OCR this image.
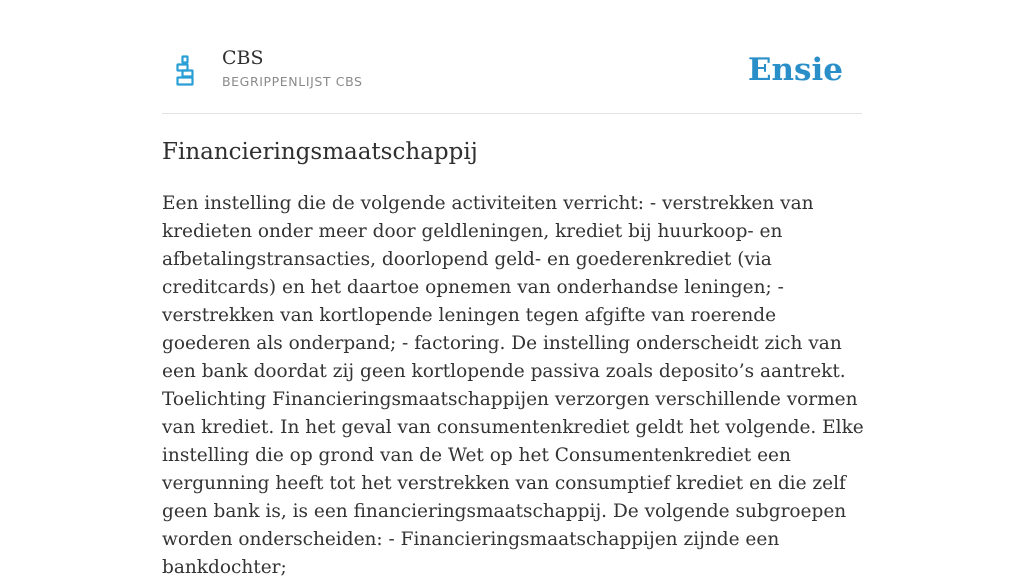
CBS
BEGRIPPENLIJST CBS	Ensie
Financieringsmaatschappij

Een instelling die de volgende activiteiten verricht: - verstrekken van kredieten onder meer door geldleningen, krediet bij huurkoop- en afbetalingstransacties, doorlopend geld- en goederenkrediet (via creditcards) en het daartoe opnemen van onderhandse leningen; - verstrekken van kortlopende leningen tegen afgifte van roerende goederen als onderpand; - factoring. De instelling onderscheidt zich van een bank doordat zij geen kortlopende passiva zoals deposito’s aantrekt. Toelichting Financieringsmaatschappijen verzorgen verschillende vormen van krediet. In het geval van consumentenkrediet geldt het volgende. Elke instelling die op grond van de Wet op het Consumentenkrediet een vergunning heeft tot het verstrekken van consumptief krediet en die zelf geen bank is, is een financieringsmaatschappij. De volgende subgroepen worden onderscheiden: - Financieringsmaatschappijen zijnde een bankdochter;
